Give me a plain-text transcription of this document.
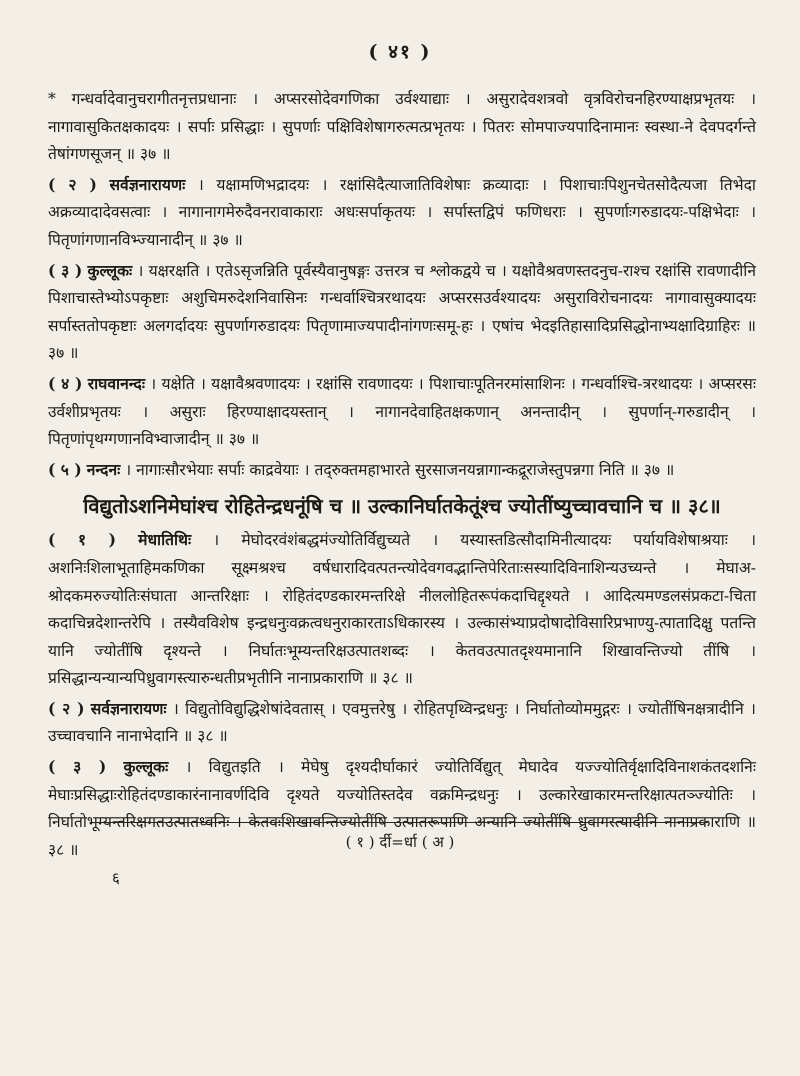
( ४१ )

* गन्धर्वादेवानुचरागीतनृत्तप्रधानाः । अप्सरसोदेवगणिका उर्वश्याद्याः । असुरादेवशत्रवो वृत्रविरोचनहिरण्याक्षप्रभृतयः । नागावासुकितक्षकादयः । सर्पाः प्रसिद्धाः । सुपर्णाः पक्षिविशेषागरुत्मत्प्रभृतयः । पितरः सोमपाज्यपादिनामानः स्वस्था-ने देवपदर्गन्ते तेषांगणसूजन् ॥ ३७ ॥

( २ ) सर्वज्ञनारायणः । यक्षामणिभद्रादयः । रक्षांसिदैत्याजातिविशेषाः क्रव्यादाः । पिशाचाःपिशुनचेतसोदैत्यजा तिभेदा अक्रव्यादादेवसत्वाः । नागानागमेरुदैवनरावाकाराः अधःसर्पाकृतयः । सर्पास्तद्विपं फणिधराः । सुपर्णाःगरुडादयः-पक्षिभेदाः । पितृणांगणानविभ्ज्यानादीन् ॥ ३७ ॥

( ३ ) कुल्लूकः । यक्षरक्षति । एतेऽसृजन्निति पूर्वस्यैवानुषङ्गः उत्तरत्र च श्लोकद्वये च । यक्षोवैश्रवणस्तदनुच-राश्च रक्षांसि रावणादीनि पिशाचास्तेभ्योऽपकृष्टाः अशुचिमरुदेशनिवासिनः गन्धर्वाश्चित्ररथादयः अप्सरसउर्वश्यादयः असुराविरोचनादयः नागावासुक्यादयः सर्पास्ततोपकृष्टाः अलगर्दादयः सुपर्णागरुडादयः पितृणामाज्यपादीनांगणःसमू-हः । एषांच भेदइतिहासादिप्रसिद्धोनाभ्यक्षादिग्राहिरः ॥ ३७ ॥

( ४ ) राघवानन्दः । यक्षेति । यक्षावैश्रवणादयः । रक्षांसि रावणादयः । पिशाचाःपूतिनरमांसाशिनः । गन्धर्वाश्चि-त्ररथादयः । अप्सरसः उर्वशीप्रभृतयः । असुराः हिरण्याक्षादयस्तान् । नागानदेवाहितक्षकणान् अनन्तादीन् । सुपर्णान्-गरुडादीन् । पितृणांपृथग्गणानविभ्वाजादीन् ॥ ३७ ॥

( ५ ) नन्दनः । नागाःसौरभेयाः सर्पाः काद्रवेयाः । तद्‍रुक्तमहाभारते सुरसाजनयन्नागान्कद्रूराजेस्तुपन्नगा निति ॥ ३७ ॥

विद्युतोऽशनिमेघांश्च रोहितेन्द्रधनूंषि च ॥ उल्कानिर्घातकेतूंश्च ज्योतींष्युच्चावचानि च ॥ ३८॥

( १ ) मेधातिथिः । मेघोदरवंशंबद्धमंज्योतिर्विद्युच्यते । यस्यास्तडित्सौदामिनीत्यादयः पर्यायविशेषाश्रयाः । अशनिःशिलाभूताहिमकणिका सूक्ष्मश्रश्च वर्षधारादिवत्पतन्त्योदेवगवद्भान्तिपेरिताःसस्यादिविनाशिन्यउच्यन्ते । मेघाअ-श्रोदकमरुज्योतिःसंघाता आन्तरिक्षाः । रोहितंदण्डकारमन्तरिक्षे नीललोहितरूपंकदाचिद्दृश्यते । आदित्यमण्डलसंप्रकटा-चिता कदाचिन्नदेशान्तरेपि । तस्यैवविशेष इन्द्रधनुःवक्रत्वधनुराकारताऽधिकारस्य । उल्कासंभ्याप्रदोषादोविसारिप्रभाण्यु-त्पातादिक्षु पतन्ति यानि ज्योतींषि दृश्यन्ते । निर्घातःभूम्यन्तरिक्षउत्पातशब्दः । केतवउत्पातदृश्यमानानि शिखावन्तिज्यो तींषि । प्रसिद्धान्यन्यान्यपिध्रुवागस्त्यारुन्धतीप्रभृतीनि नानाप्रकाराणि ॥ ३८ ॥

( २ ) सर्वज्ञनारायणः । विद्युतोविद्युद्धिशेषांदेवतास् । एवमुत्तरेषु । रोहितपृथ्विन्द्रधनुः । निर्घातोव्योममुद्गरः । ज्योतींषिनक्षत्रादीनि । उच्चावचानि नानाभेदानि ॥ ३८ ॥

( ३ ) कुल्लूकः । विद्युतइति । मेघेषु दृश्यदीर्घाकारं ज्योतिर्विद्युत् मेघादेव यज्ज्योतिर्वृक्षादिविनाशकंतदशनिः मेघाःप्रसिद्धाःरोहितंदण्डाकारंनानावर्णदिवि दृश्यते यज्योतिस्तदेव वक्रमिन्द्रधनुः । उल्कारेखाकारमन्तरिक्षात्पतञ्ज्योतिः । निर्घातोभूम्यन्तरिक्षगतउत्पातध्वनिः । केतवःशिखावन्तिज्योतींषि उत्पातरूपाणि अन्यानि ज्योतींषि ध्रुवागस्त्यादीनि नानाप्रकाराणि ॥ ३८ ॥	( १ ) र्दी=र्धा ( अ )
६
